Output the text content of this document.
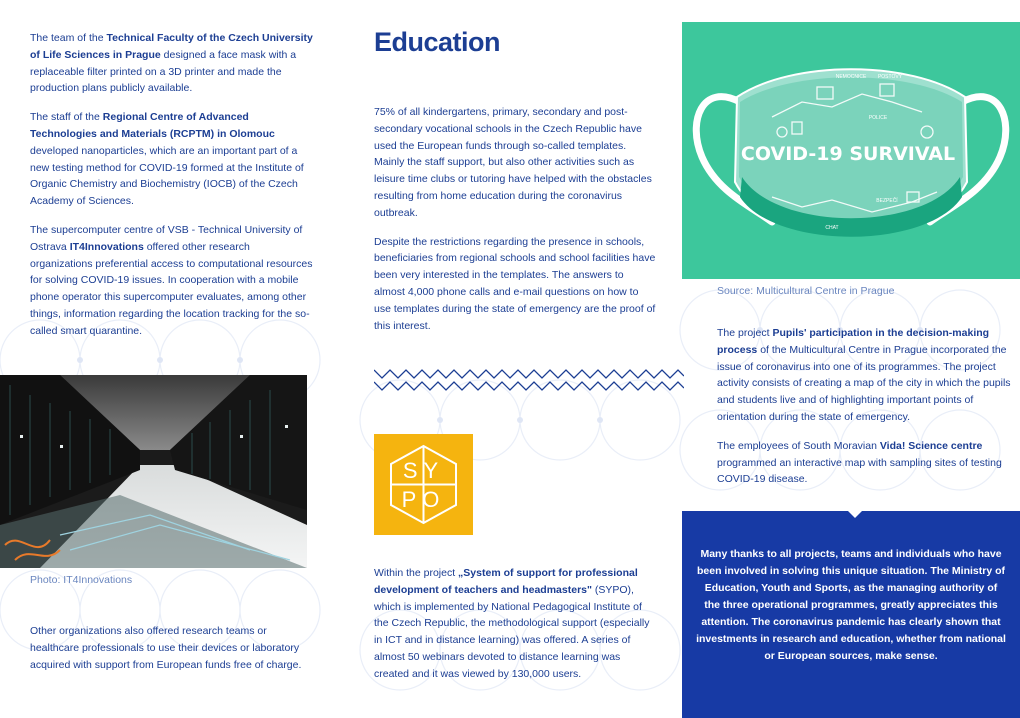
The team of the Technical Faculty of the Czech University of Life Sciences in Prague designed a face mask with a replaceable filter printed on a 3D printer and made the production plans publicly available.

The staff of the Regional Centre of Advanced Technologies and Materials (RCPTM) in Olomouc developed nanoparticles, which are an important part of a new testing method for COVID-19 formed at the Institute of Organic Chemistry and Biochemistry (IOCB) of the Czech Academy of Sciences.

The supercomputer centre of VSB - Technical University of Ostrava IT4Innovations offered other research organizations preferential access to computational resources for solving COVID-19 issues. In cooperation with a mobile phone operator this supercomputer evaluates, among other things, information regarding the location tracking for the so-called smart quarantine.

Photo: IT4Innovations

Other organizations also offered research teams or healthcare professionals to use their devices or laboratory acquired with support from European funds free of charge.

Education

75% of all kindergartens, primary, secondary and post-secondary vocational schools in the Czech Republic have used the European funds through so-called templates. Mainly the staff support, but also other activities such as leisure time clubs or tutoring have helped with the obstacles resulting from home education during the coronavirus outbreak.

Despite the restrictions regarding the presence in schools, beneficiaries from regional schools and school facilities have been very interested in the templates. The answers to almost 4,000 phone calls and e-mail questions on how to use templates during the state of emergency are the proof of this interest.

SY
PO

Within the project „System of support for professional development of teachers and headmasters" (SYPO), which is implemented by National Pedagogical Institute of the Czech Republic, the methodological support (especially in ICT and in distance learning) was offered. A series of almost 50 webinars devoted to distance learning was created and it was viewed by 130,000 users.

NEMOCNICE POSTOVY
POLICE
CHAT
BEZPEČÍ
COVID-19 SURVIVAL
Source: Multicultural Centre in Prague

The project Pupils' participation in the decision-making process of the Multicultural Centre in Prague incorporated the issue of coronavirus into one of its programmes. The project activity consists of creating a map of the city in which the pupils and students live and of highlighting important points of orientation during the state of emergency.

The employees of South Moravian Vida! Science centre programmed an interactive map with sampling sites of testing COVID-19 disease.

Many thanks to all projects, teams and individuals who have been involved in solving this unique situation. The Ministry of Education, Youth and Sports, as the managing authority of the three operational programmes, greatly appreciates this attention. The coronavirus pandemic has clearly shown that investments in research and education, whether from national or European sources, make sense.
